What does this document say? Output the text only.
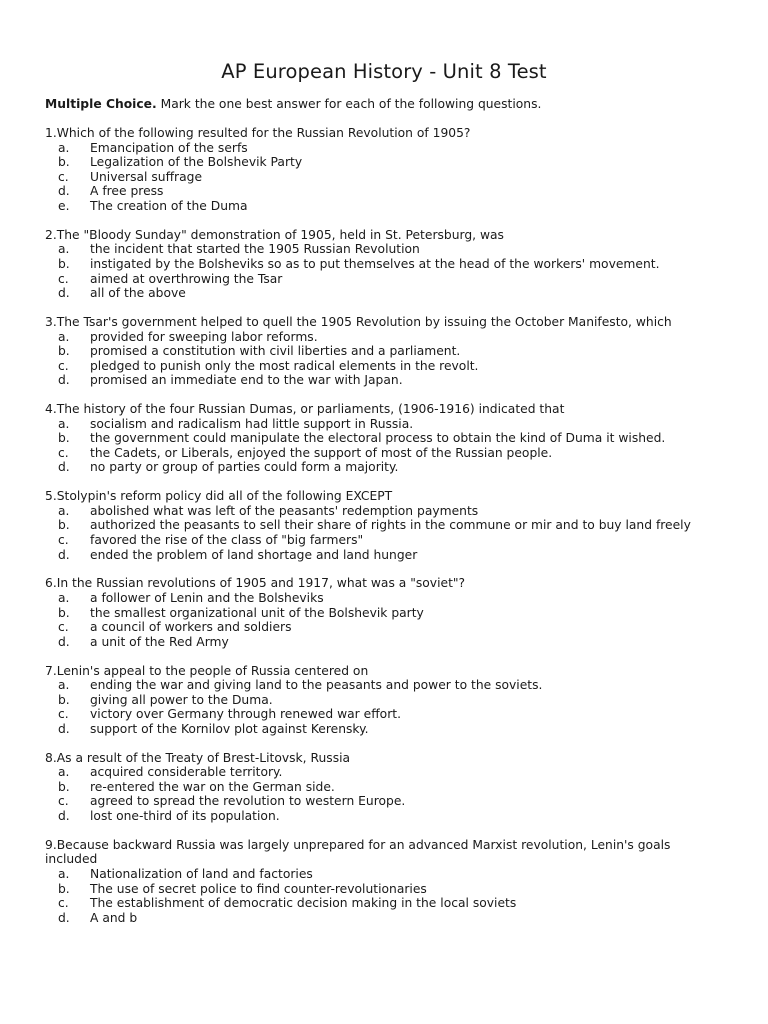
AP European History - Unit 8 Test
Multiple Choice. Mark the one best answer for each of the following questions.
1.Which of the following resulted for the Russian Revolution of 1905?
a. Emancipation of the serfs
b. Legalization of the Bolshevik Party
c. Universal suffrage
d. A free press
e. The creation of the Duma
2.The "Bloody Sunday" demonstration of 1905, held in St. Petersburg, was
a. the incident that started the 1905 Russian Revolution
b. instigated by the Bolsheviks so as to put themselves at the head of the workers' movement.
c. aimed at overthrowing the Tsar
d. all of the above
3.The Tsar's government helped to quell the 1905 Revolution by issuing the October Manifesto, which
a. provided for sweeping labor reforms.
b. promised a constitution with civil liberties and a parliament.
c. pledged to punish only the most radical elements in the revolt.
d. promised an immediate end to the war with Japan.
4.The history of the four Russian Dumas, or parliaments, (1906-1916) indicated that
a. socialism and radicalism had little support in Russia.
b. the government could manipulate the electoral process to obtain the kind of Duma it wished.
c. the Cadets, or Liberals, enjoyed the support of most of the Russian people.
d. no party or group of parties could form a majority.
5.Stolypin's reform policy did all of the following EXCEPT
a. abolished what was left of the peasants' redemption payments
b. authorized the peasants to sell their share of rights in the commune or mir and to buy land freely
c. favored the rise of the class of "big farmers"
d. ended the problem of land shortage and land hunger
6.In the Russian revolutions of 1905 and 1917, what was a "soviet"?
a. a follower of Lenin and the Bolsheviks
b. the smallest organizational unit of the Bolshevik party
c. a council of workers and soldiers
d. a unit of the Red Army
7.Lenin's appeal to the people of Russia centered on
a. ending the war and giving land to the peasants and power to the soviets.
b. giving all power to the Duma.
c. victory over Germany through renewed war effort.
d. support of the Kornilov plot against Kerensky.
8.As a result of the Treaty of Brest-Litovsk, Russia
a. acquired considerable territory.
b. re-entered the war on the German side.
c. agreed to spread the revolution to western Europe.
d. lost one-third of its population.
9.Because backward Russia was largely unprepared for an advanced Marxist revolution, Lenin's goals included
a. Nationalization of land and factories
b. The use of secret police to find counter-revolutionaries
c. The establishment of democratic decision making in the local soviets
d. A and b
